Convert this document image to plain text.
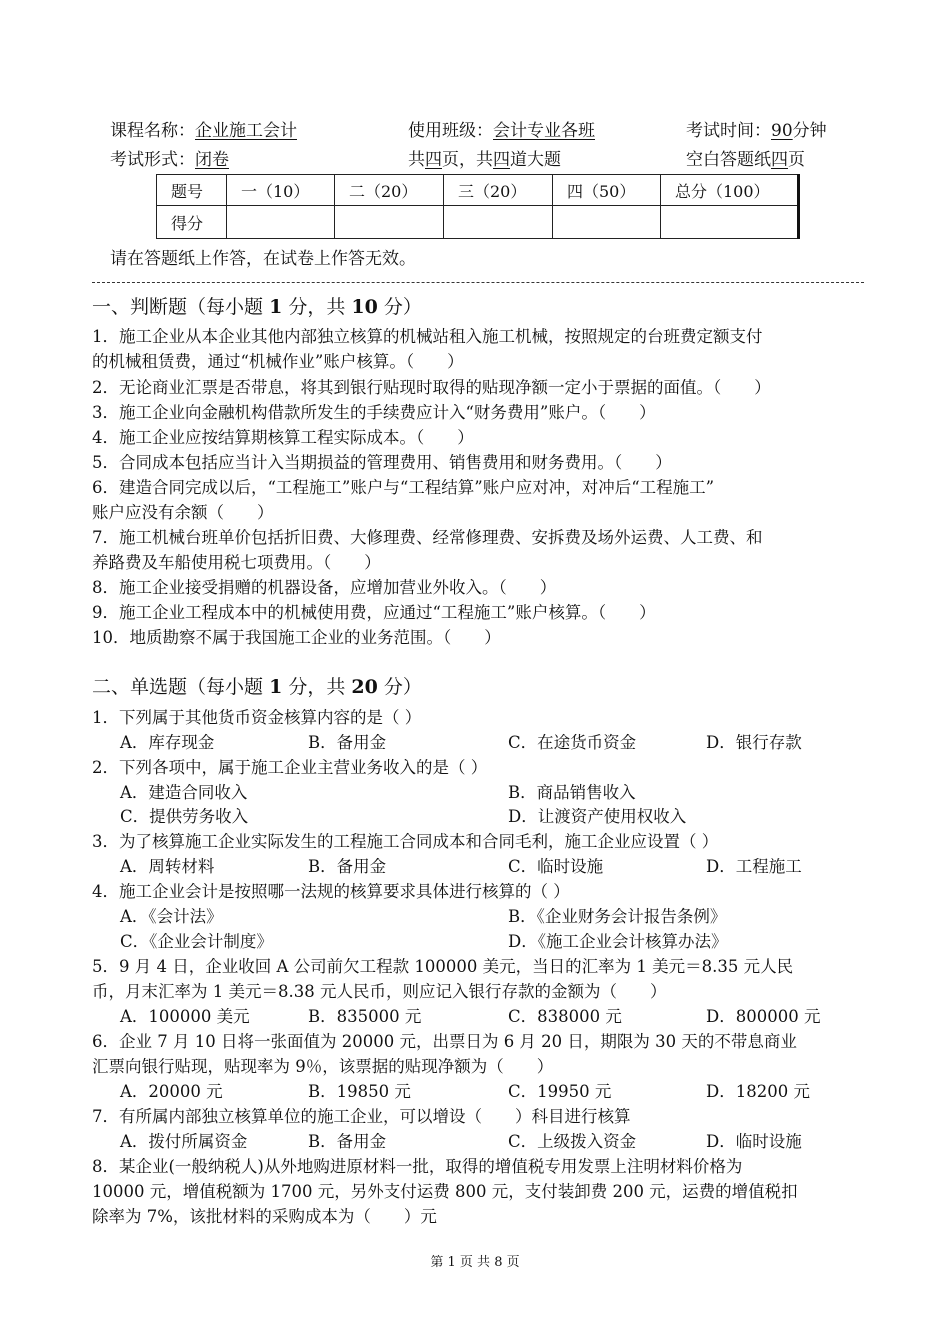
课程名称：企业施工会计	使用班级：会计专业各班	考试时间：90分钟
考试形式：闭卷	共四页，共四道大题	空白答题纸四页
题号	一（10）	二（20）	三（20）	四（50）	总分（100）
得分					
请在答题纸上作答，在试卷上作答无效。
一、判断题（每小题 1 分，共 10 分）
1．施工企业从本企业其他内部独立核算的机械站租入施工机械，按照规定的台班费定额支付
的机械租赁费，通过“机械作业”账户核算。（　　）
2．无论商业汇票是否带息，将其到银行贴现时取得的贴现净额一定小于票据的面值。（　　）
3．施工企业向金融机构借款所发生的手续费应计入“财务费用”账户。（　　）
4．施工企业应按结算期核算工程实际成本。（　　）
5．合同成本包括应当计入当期损益的管理费用、销售费用和财务费用。（　　）
6．建造合同完成以后，“工程施工”账户与“工程结算”账户应对冲，对冲后“工程施工”
账户应没有余额（　　）
7．施工机械台班单价包括折旧费、大修理费、经常修理费、安拆费及场外运费、人工费、和
养路费及车船使用税七项费用。（　　）
8．施工企业接受捐赠的机器设备，应增加营业外收入。（　　）
9．施工企业工程成本中的机械使用费，应通过“工程施工”账户核算。（　　）
10．地质勘察不属于我国施工企业的业务范围。（　　）
二、单选题（每小题 1 分，共 20 分）
1．下列属于其他货币资金核算内容的是（ ）
A．库存现金	B．备用金	C．在途货币资金	D．银行存款
2．下列各项中，属于施工企业主营业务收入的是（ ）
A．建造合同收入	B．商品销售收入
C．提供劳务收入	D．让渡资产使用权收入
3．为了核算施工企业实际发生的工程施工合同成本和合同毛利，施工企业应设置（ ）
A．周转材料	B．备用金	C．临时设施	D．工程施工
4．施工企业会计是按照哪一法规的核算要求具体进行核算的（ ）
A．《会计法》	B．《企业财务会计报告条例》
C．《企业会计制度》	D．《施工企业会计核算办法》
5．9 月 4 日，企业收回 A 公司前欠工程款 100000 美元，当日的汇率为 1 美元＝8.35 元人民
币，月末汇率为 1 美元＝8.38 元人民币，则应记入银行存款的金额为（　　）
A．100000 美元	B．835000 元	C．838000 元	D．800000 元
6．企业 7 月 10 日将一张面值为 20000 元，出票日为 6 月 20 日，期限为 30 天的不带息商业
汇票向银行贴现，贴现率为 9％，该票据的贴现净额为（　　）
A．20000 元	B．19850 元	C．19950 元	D．18200 元
7．有所属内部独立核算单位的施工企业，可以增设（　　）科目进行核算
A．拨付所属资金	B．备用金	C．上级拨入资金	D．临时设施
8．某企业(一般纳税人)从外地购进原材料一批，取得的增值税专用发票上注明材料价格为
10000 元，增值税额为 1700 元，另外支付运费 800 元，支付装卸费 200 元，运费的增值税扣
除率为 7%，该批材料的采购成本为（　　）元
第 1 页 共 8 页
